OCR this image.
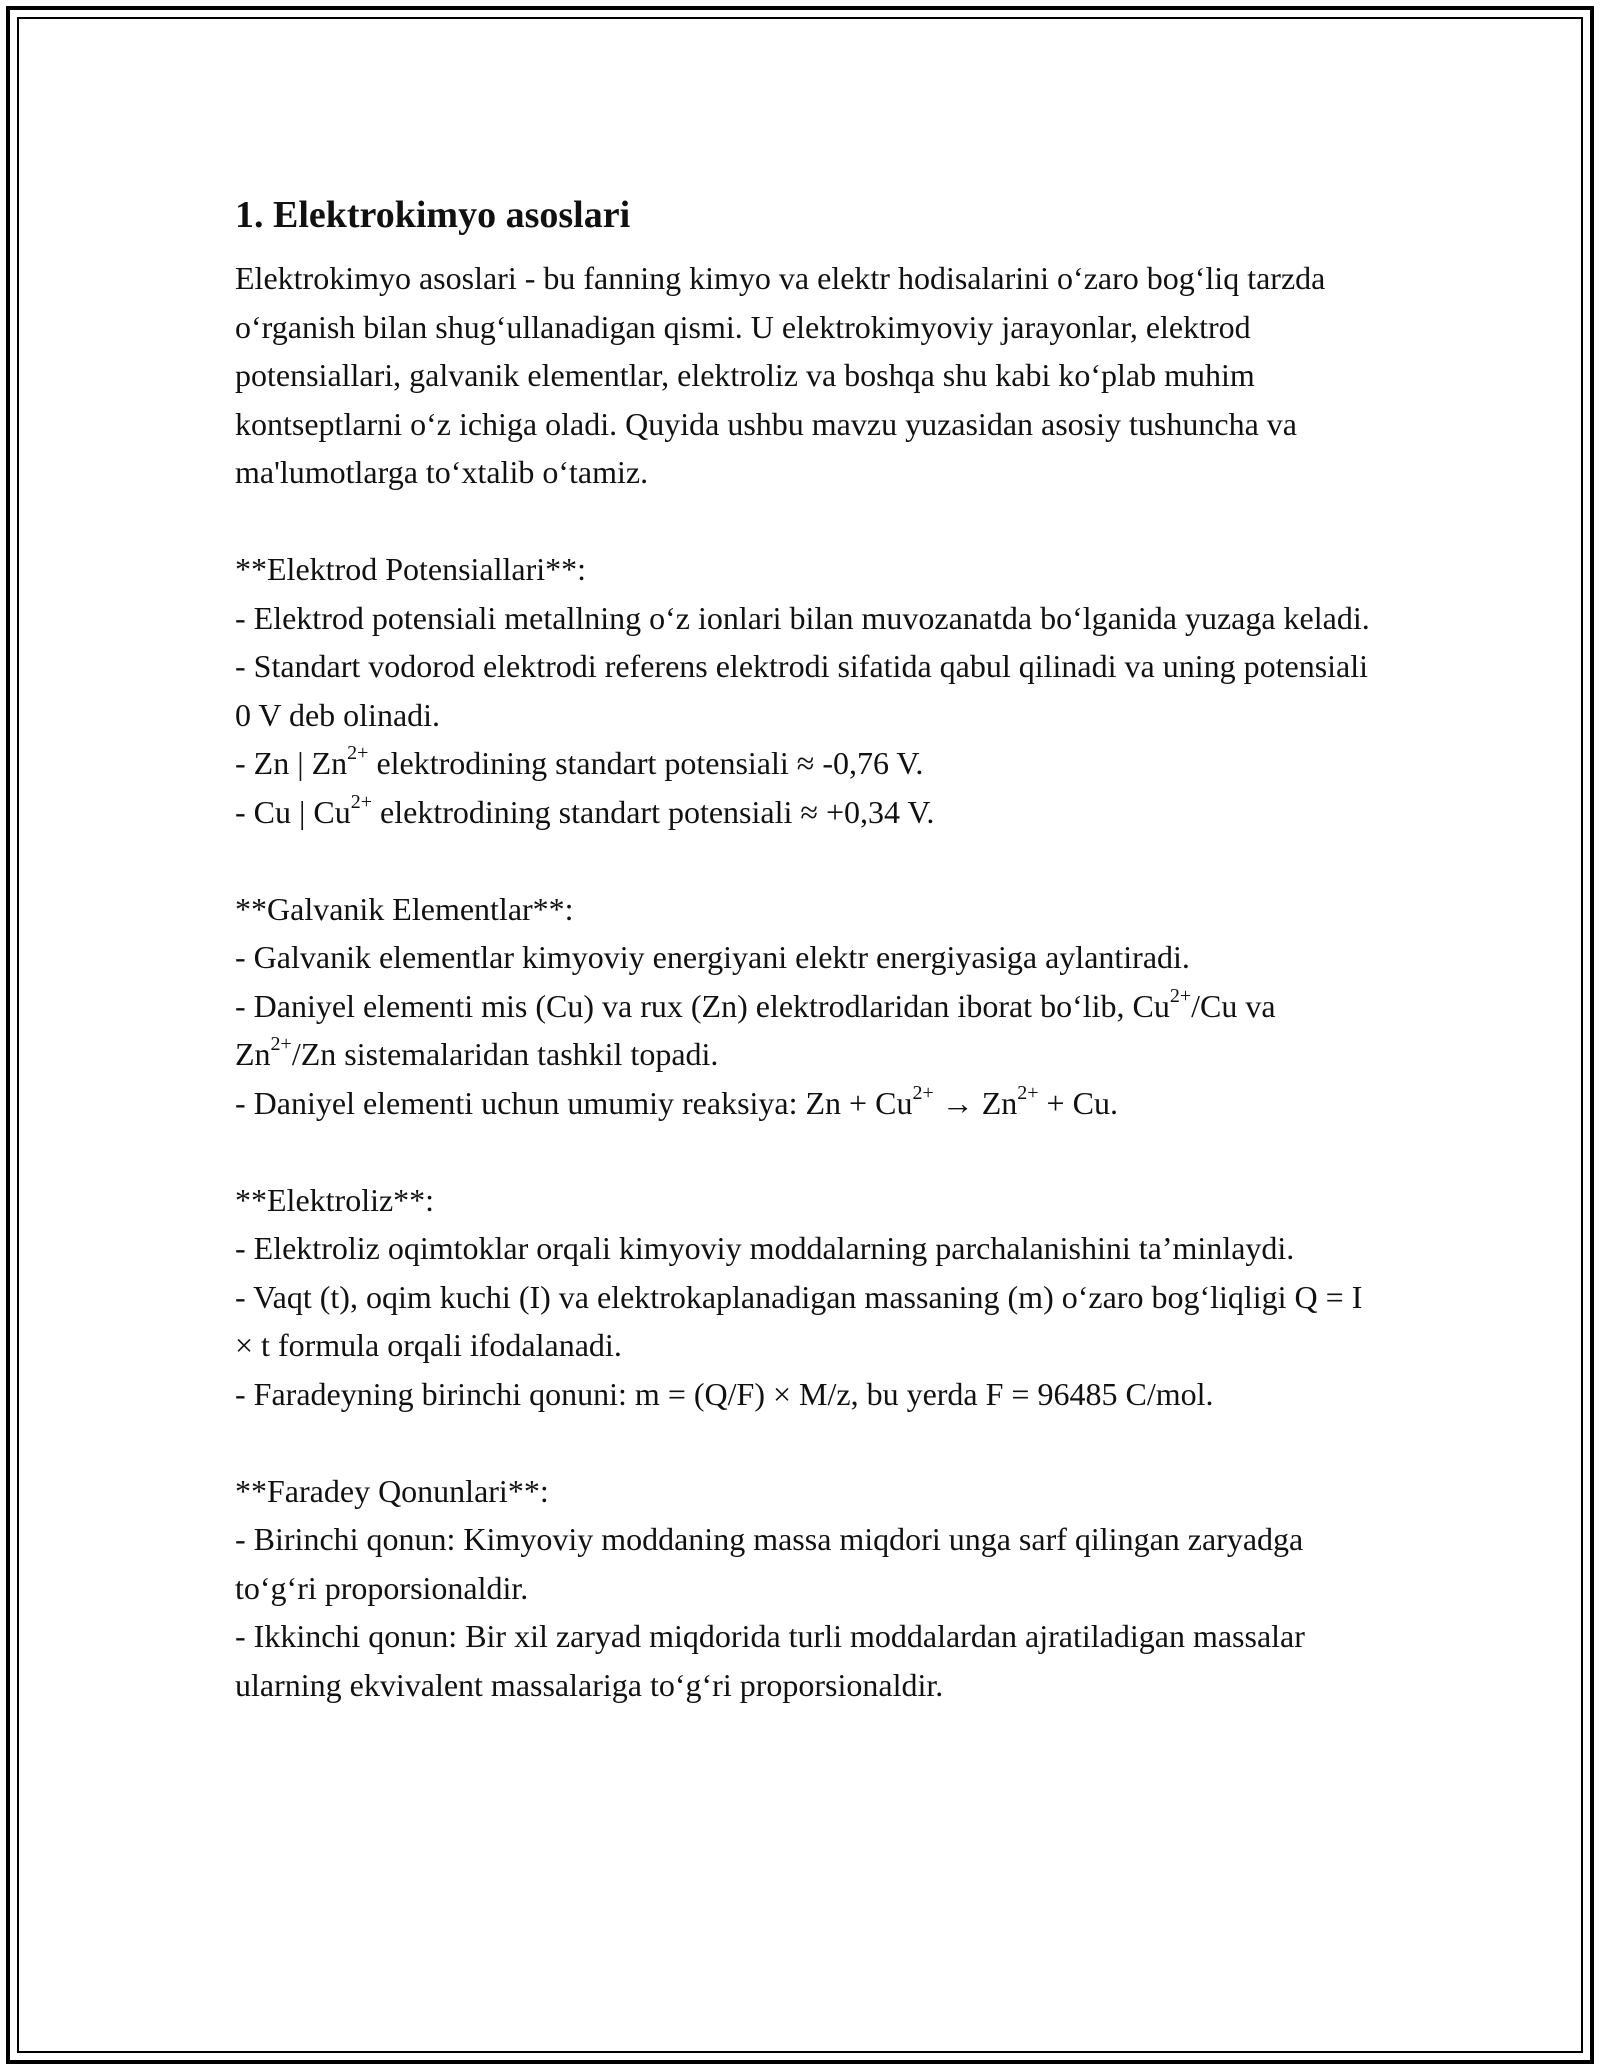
1. Elektrokimyo asoslari

Elektrokimyo asoslari - bu fanning kimyo va elektr hodisalarini o‘zaro bog‘liq tarzda o‘rganish bilan shug‘ullanadigan qismi. U elektrokimyoviy jarayonlar, elektrod potensiallari, galvanik elementlar, elektroliz va boshqa shu kabi ko‘plab muhim kontseptlarni o‘z ichiga oladi. Quyida ushbu mavzu yuzasidan asosiy tushuncha va ma'lumotlarga to‘xtalib o‘tamiz.

**Elektrod Potensiallari**:

- Elektrod potensiali metallning o‘z ionlari bilan muvozanatda bo‘lganida yuzaga keladi.

- Standart vodorod elektrodi referens elektrodi sifatida qabul qilinadi va uning potensiali 0 V deb olinadi.

- Zn | $Zn^{2+}$ elektrodining standart potensiali ≈ -0,76 V.

- Cu | $Cu^{2+}$ elektrodining standart potensiali ≈ +0,34 V.

**Galvanik Elementlar**:

- Galvanik elementlar kimyoviy energiyani elektr energiyasiga aylantiradi.

- Daniyel elementi mis (Cu) va rux (Zn) elektrodlaridan iborat bo‘lib, $Cu^{2+}/Cu$ va $Zn^{2+}/Zn$ sistemalaridan tashkil topadi.

- Daniyel elementi uchun umumiy reaksiya: $Zn + Cu^{2+} \to Zn^{2+} + Cu$.

**Elektroliz**:

- Elektroliz oqimtoklar orqali kimyoviy moddalarning parchalanishini ta’minlaydi.

- Vaqt (t), oqim kuchi (I) va elektrokaplanadigan massaning (m) o‘zaro bog‘liqligi Q = I × t formula orqali ifodalanadi.

- Faradeyning birinchi qonuni: m = (Q/F) × M/z, bu yerda F = 96485 C/mol.

**Faradey Qonunlari**:

- Birinchi qonun: Kimyoviy moddaning massa miqdori unga sarf qilingan zaryadga to‘g‘ri proporsionaldir.

- Ikkinchi qonun: Bir xil zaryad miqdorida turli moddalardan ajratiladigan massalar ularning ekvivalent massalariga to‘g‘ri proporsionaldir.
